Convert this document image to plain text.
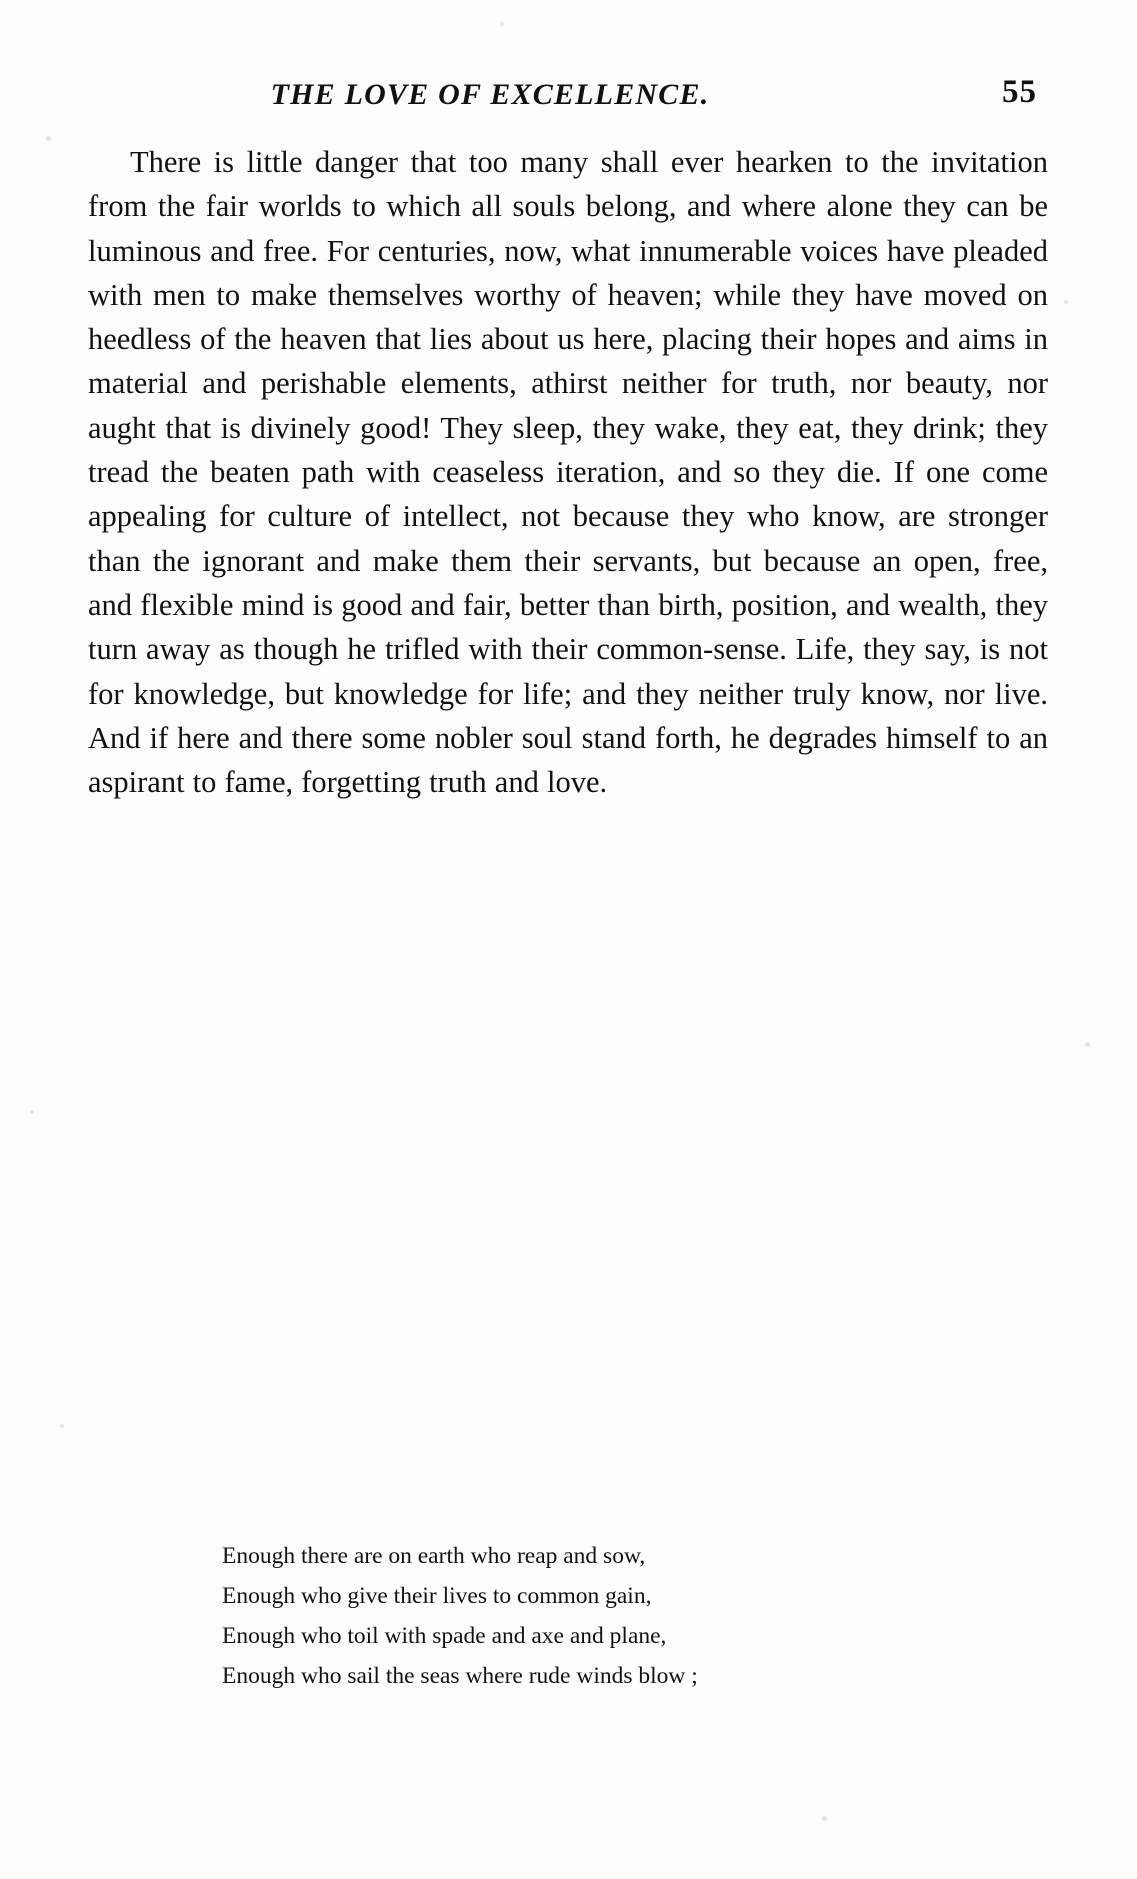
THE LOVE OF EXCELLENCE.	55

There is little danger that too many shall ever hearken to the invitation from the fair worlds to which all souls belong, and where alone they can be luminous and free. For centuries, now, what innumerable voices have pleaded with men to make themselves worthy of heaven; while they have moved on heedless of the heaven that lies about us here, placing their hopes and aims in material and perishable elements, athirst neither for truth, nor beauty, nor aught that is divinely good! They sleep, they wake, they eat, they drink; they tread the beaten path with ceaseless iteration, and so they die. If one come appealing for culture of intellect, not because they who know, are stronger than the ignorant and make them their servants, but because an open, free, and flexible mind is good and fair, better than birth, position, and wealth, they turn away as though he trifled with their common-sense. Life, they say, is not for knowledge, but knowledge for life; and they neither truly know, nor live. And if here and there some nobler soul stand forth, he degrades himself to an aspirant to fame, forgetting truth and love.

Enough there are on earth who reap and sow,
Enough who give their lives to common gain,
Enough who toil with spade and axe and plane,
Enough who sail the seas where rude winds blow ;
